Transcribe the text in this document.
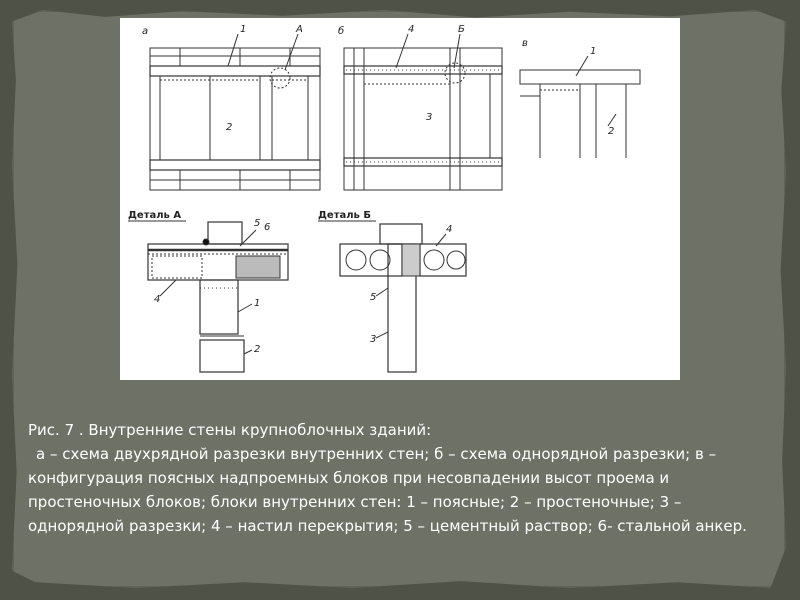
а	1	А
2
б	4	Б
3
в
1
2
Деталь А
5 6
4	1
2
Деталь Б
4
5
3

Рис. 7 . Внутренние стены крупноблочных зданий:

а – схема двухрядной разрезки внутренних стен; б – схема однорядной разрезки; в –конфигурация поясных надпроемных блоков при несовпадении высот проема и простеночных блоков; блоки внутренних стен: 1 – поясные; 2 – простеночные; 3 – однорядной разрезки; 4 – настил перекрытия; 5 – цементный раствор; 6- стальной анкер.
